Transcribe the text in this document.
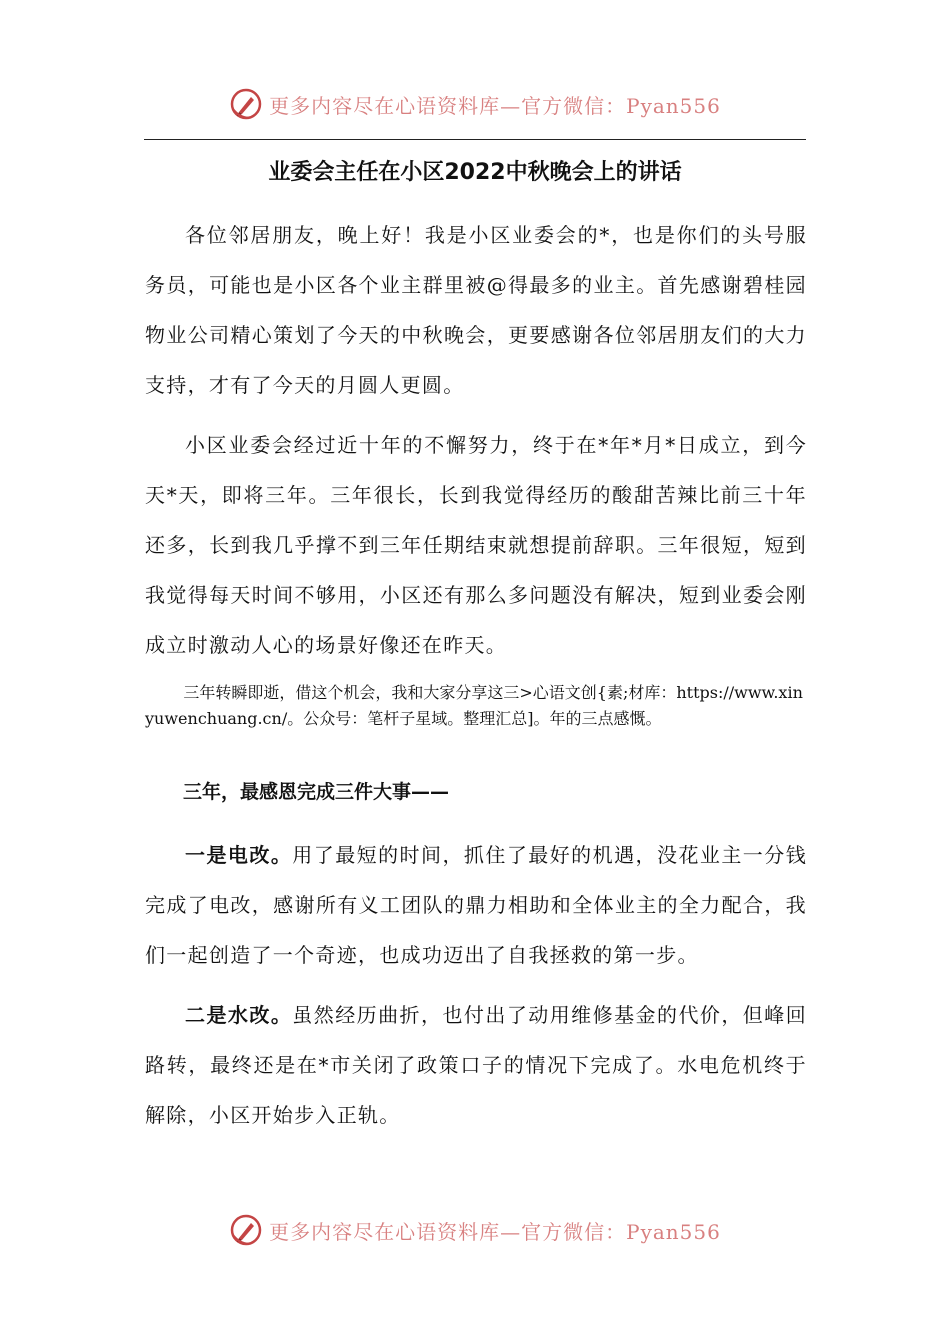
更多内容尽在心语资料库—官方微信：Pyan556
业委会主任在小区2022中秋晚会上的讲话

各位邻居朋友，晚上好！我是小区业委会的*，也是你们的头号服务员，可能也是小区各个业主群里被@得最多的业主。首先感谢碧桂园物业公司精心策划了今天的中秋晚会，更要感谢各位邻居朋友们的大力支持，才有了今天的月圆人更圆。

小区业委会经过近十年的不懈努力，终于在*年*月*日成立，到今天*天，即将三年。三年很长，长到我觉得经历的酸甜苦辣比前三十年还多，长到我几乎撑不到三年任期结束就想提前辞职。三年很短，短到我觉得每天时间不够用，小区还有那么多问题没有解决，短到业委会刚成立时激动人心的场景好像还在昨天。

三年转瞬即逝，借这个机会，我和大家分享这三>心语文创{素;材库：https://www.xinyuwenchuang.cn/。公众号：笔杆子星域。整理汇总]。年的三点感慨。

三年，最感恩完成三件大事——

一是电改。用了最短的时间，抓住了最好的机遇，没花业主一分钱完成了电改，感谢所有义工团队的鼎力相助和全体业主的全力配合，我们一起创造了一个奇迹，也成功迈出了自我拯救的第一步。

二是水改。虽然经历曲折，也付出了动用维修基金的代价，但峰回路转，最终还是在*市关闭了政策口子的情况下完成了。水电危机终于解除，小区开始步入正轨。

更多内容尽在心语资料库—官方微信：Pyan556
